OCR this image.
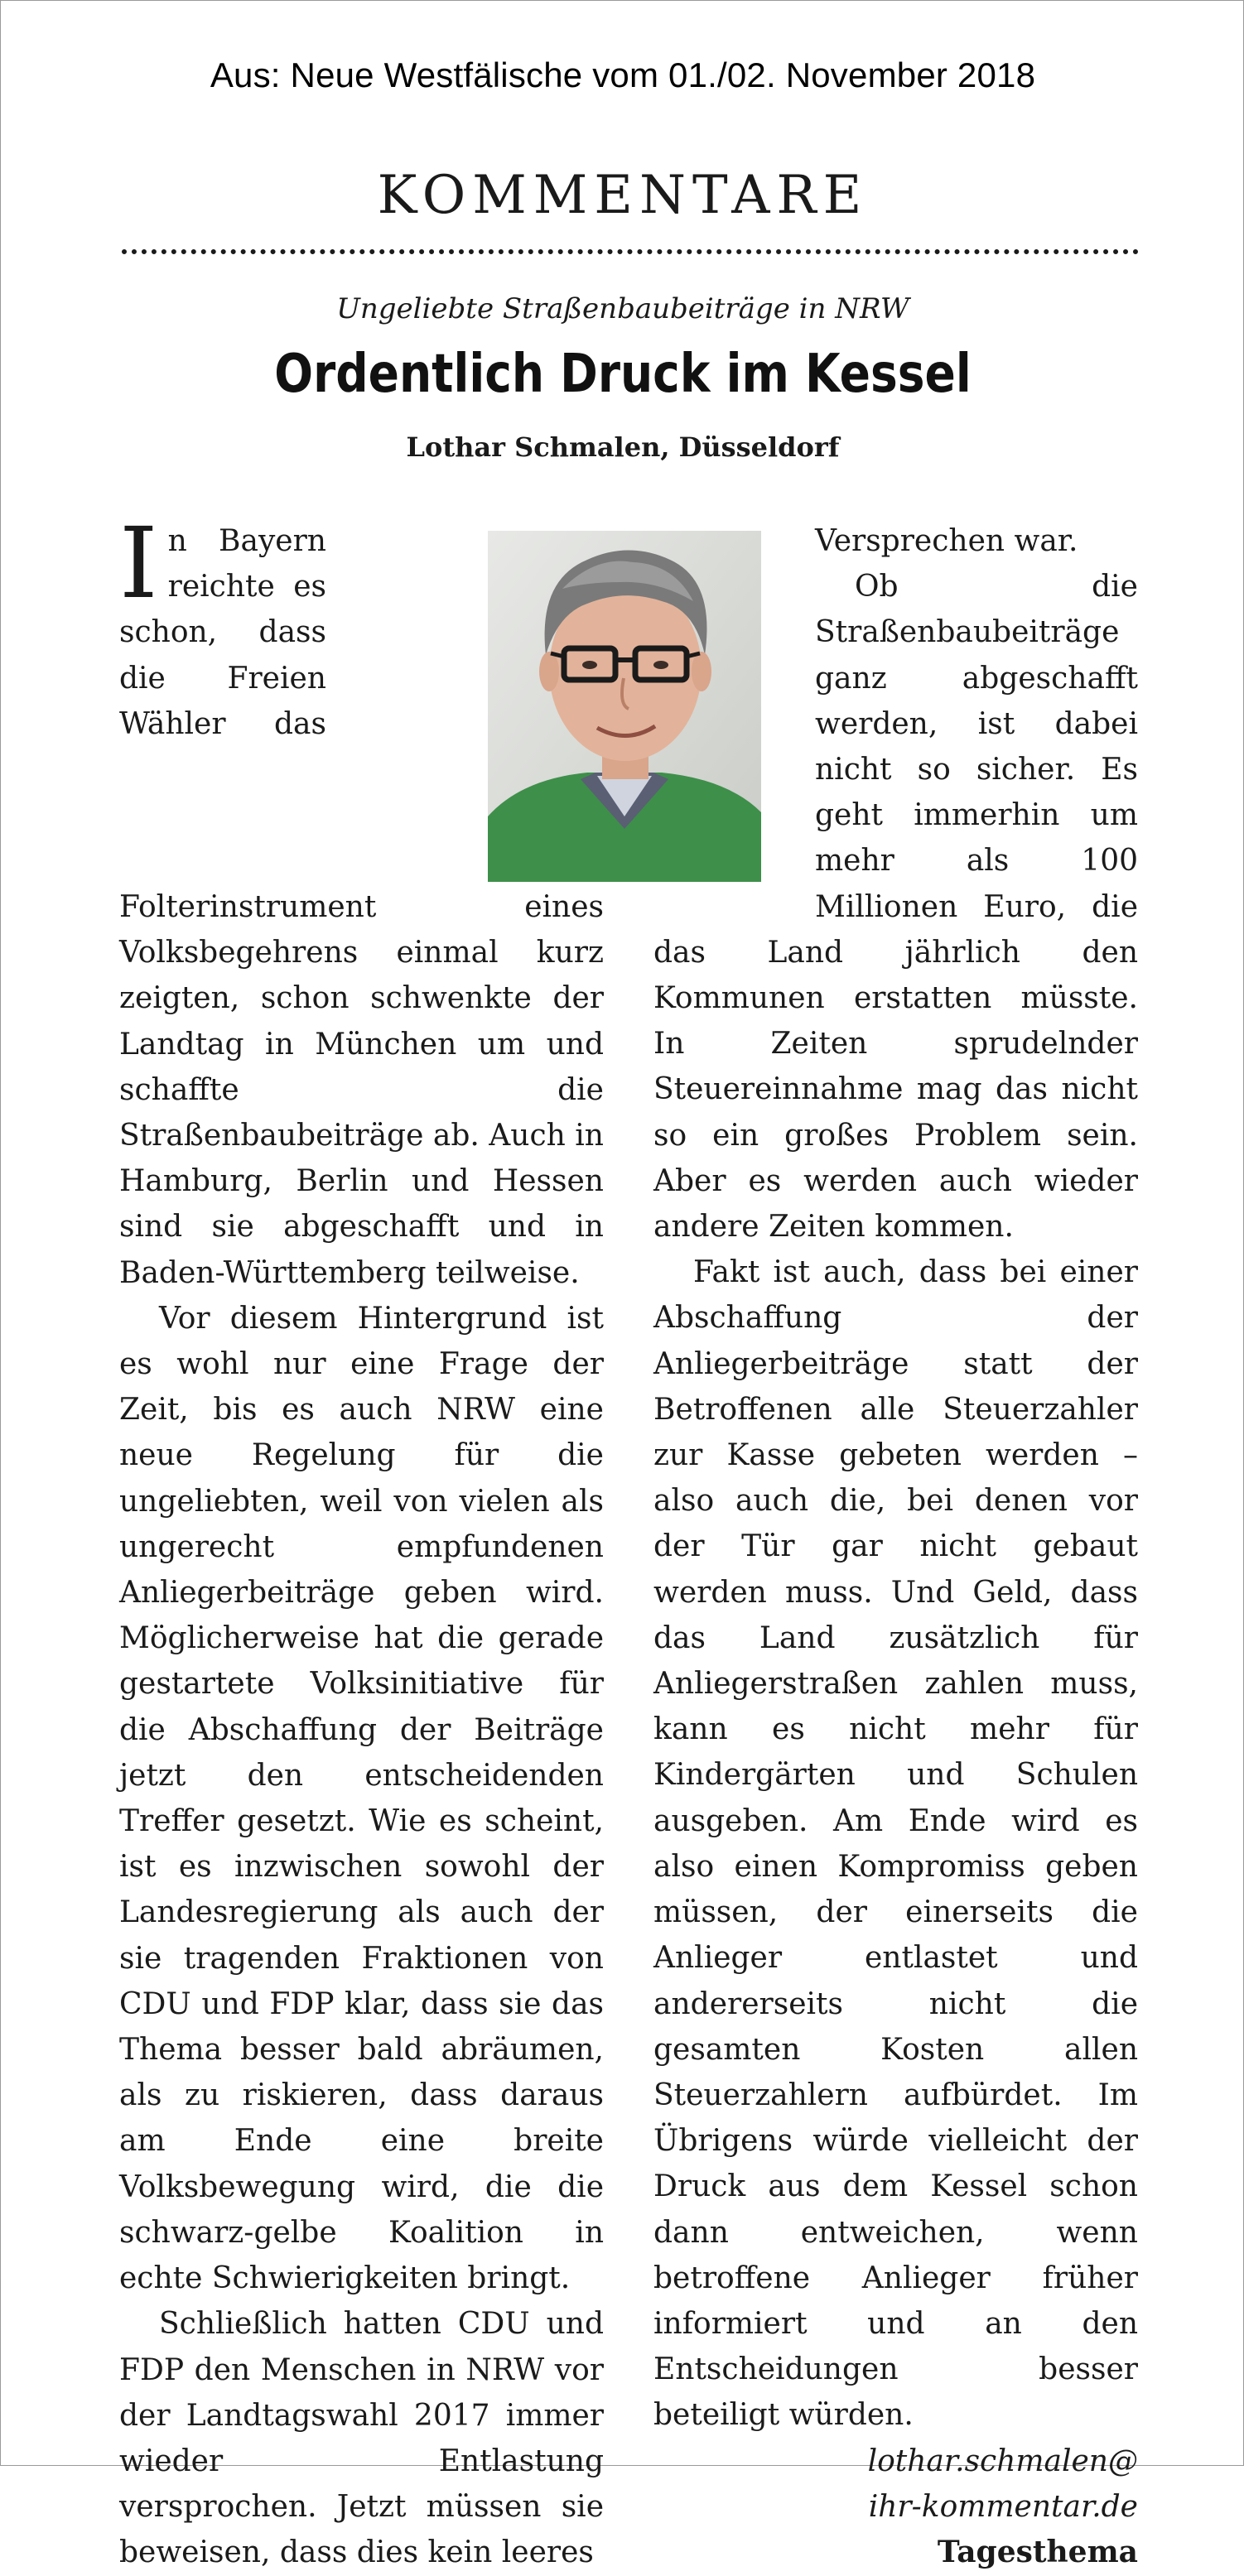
Aus: Neue Westfälische vom 01./02. November 2018
KOMMENTARE
Ungeliebte Straßenbaubeiträge in NRW
Ordentlich Druck im Kessel
Lothar Schmalen, Düsseldorf

In Bayern reichte es schon, dass die Freien Wähler das Folterinstrument eines Volksbegehrens einmal kurz zeigten, schon schwenkte der Landtag in München um und schaffte die Straßenbaubeiträge ab. Auch in Hamburg, Berlin und Hessen sind sie abgeschafft und in Baden-Württemberg teilweise.

Vor diesem Hintergrund ist es wohl nur eine Frage der Zeit, bis es auch NRW eine neue Regelung für die ungeliebten, weil von vielen als ungerecht empfundenen Anliegerbeiträge geben wird. Möglicherweise hat die gerade gestartete Volksinitiative für die Abschaffung der Beiträge jetzt den entscheidenden Treffer gesetzt. Wie es scheint, ist es inzwischen sowohl der Landesregierung als auch der sie tragenden Fraktionen von CDU und FDP klar, dass sie das Thema besser bald abräumen, als zu riskieren, dass daraus am Ende eine breite Volksbewegung wird, die die schwarz-gelbe Koalition in echte Schwierigkeiten bringt.

Schließlich hatten CDU und FDP den Menschen in NRW vor der Landtagswahl 2017 immer wieder Entlastung versprochen. Jetzt müssen sie beweisen, dass dies kein leeres

Versprechen war.

Ob die Straßenbaubeiträge ganz abgeschafft werden, ist dabei nicht so sicher. Es geht immerhin um mehr als 100 Millionen Euro, die das Land jährlich den Kommunen erstatten müsste. In Zeiten sprudelnder Steuereinnahme mag das nicht so ein großes Problem sein. Aber es werden auch wieder andere Zeiten kommen.

Fakt ist auch, dass bei einer Abschaffung der Anliegerbeiträge statt der Betroffenen alle Steuerzahler zur Kasse gebeten werden – also auch die, bei denen vor der Tür gar nicht gebaut werden muss. Und Geld, dass das Land zusätzlich für Anliegerstraßen zahlen muss, kann es nicht mehr für Kindergärten und Schulen ausgeben. Am Ende wird es also einen Kompromiss geben müssen, der einerseits die Anlieger entlastet und andererseits nicht die gesamten Kosten allen Steuerzahlern aufbürdet. Im Übrigens würde vielleicht der Druck aus dem Kessel schon dann entweichen, wenn betroffene Anlieger früher informiert und an den Entscheidungen besser beteiligt würden.

lothar.schmalen@
ihr-kommentar.de

Tagesthema
